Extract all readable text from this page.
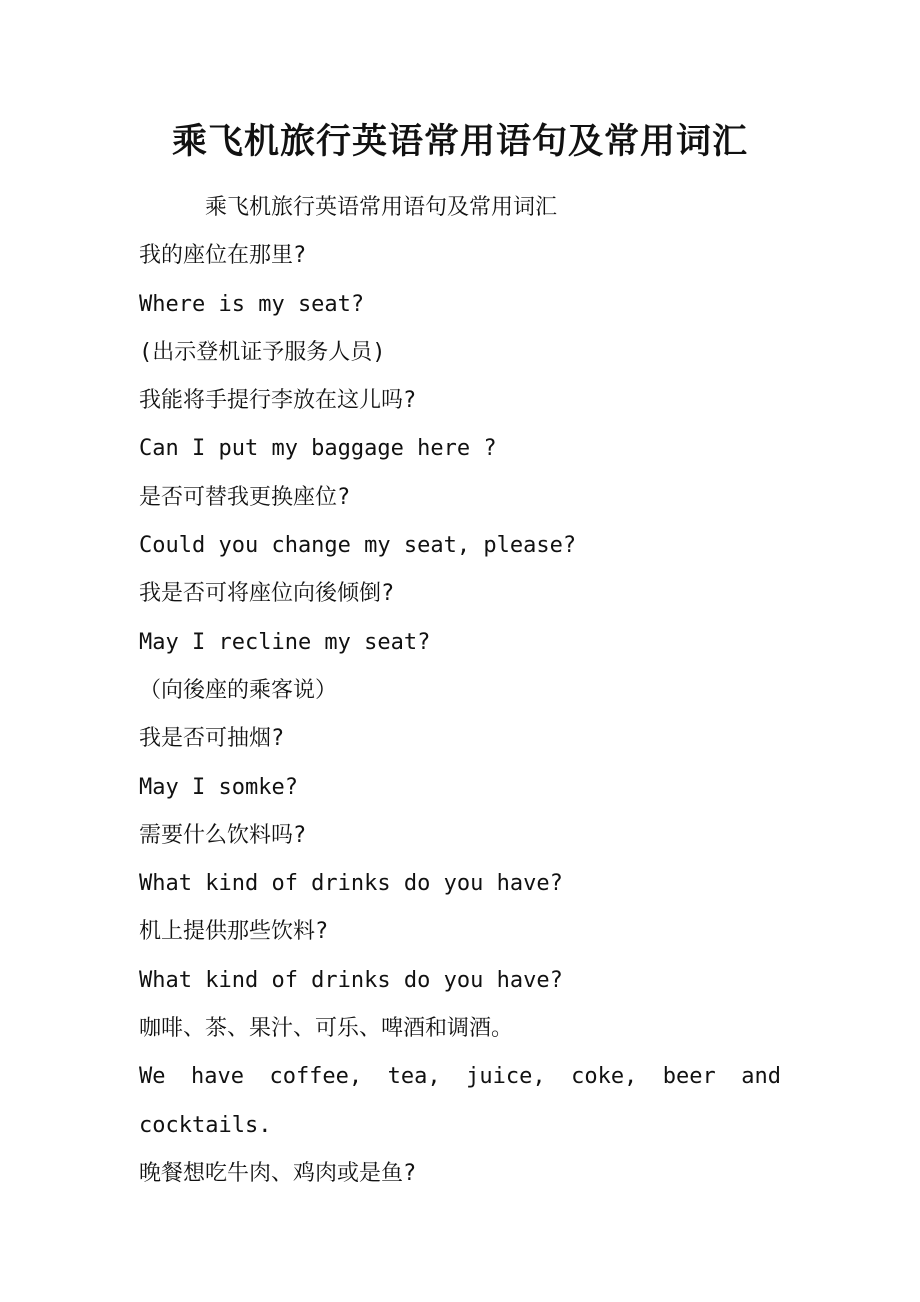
乘飞机旅行英语常用语句及常用词汇
乘飞机旅行英语常用语句及常用词汇
我的座位在那里?
Where is my seat?
(出示登机证予服务人员)
我能将手提行李放在这儿吗?
Can I put my baggage here ?
是否可替我更换座位?
Could you change my seat, please?
我是否可将座位向後倾倒?
May I recline my seat?
（向後座的乘客说）
我是否可抽烟?
May I somke?
需要什么饮料吗?
What kind of drinks do you have?
机上提供那些饮料?
What kind of drinks do you have?
咖啡、茶、果汁、可乐、啤酒和调酒。
We have coffee, tea, juice, coke, beer and
cocktails.
晚餐想吃牛肉、鸡肉或是鱼?
